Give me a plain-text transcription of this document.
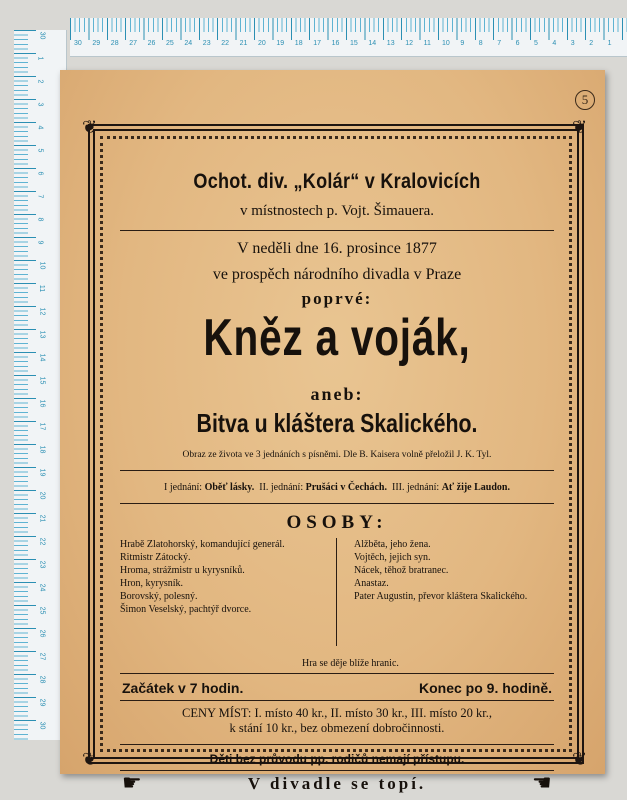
30 29 28 27 26 25 24 23 22 21 20 19 18 17 16 15 14 13 12 11 10 9 8 7 6 5 4 3 2 1
30
1
2
3
4
5
6
7
8
9
10
11
12
13
14
15
16
17
18
19
20
21
22
23
24
25
26
27
28
29
30
5
❦	❦
❦	❦
Ochot. div. „Kolár“ v Kralovicích
v místnostech p. Vojt. Šimauera.
V neděli dne 16. prosince 1877
ve prospěch národního divadla v Praze
poprvé:
Kněz a voják,
aneb:
Bitva u kláštera Skalického.
Obraz ze života ve 3 jednáních s písněmi. Dle B. Kaisera volně přeložil J. K. Tyl.
I jednání: Oběť lásky. II. jednání: Prušáci v Čechách. III. jednání: Ať žije Laudon.
OSOBY:
Hrabě Zlatohorský, komandující generál.
Ritmistr Zátocký.
Hroma, strážmistr u kyrysníků.
Hron, kyrysník.
Borovský, polesný.
Šimon Veselský, pachtýř dvorce.
Alžběta, jeho žena.
Vojtěch, jejich syn.
Nácek, těhož bratranec.
Anastaz.
Pater Augustin, převor kláštera Skalického.
Hra se děje blíže hranic.
Začátek v 7 hodin.	Konec po 9. hodině.
CENY MÍST: I. místo 40 kr., II. místo 30 kr., III. místo 20 kr.,
k stání 10 kr., bez obmezení dobročinnosti.
Děti bez průvodu pp. rodičů nemají přístupu.
☛	V divadle se topí.	☛
